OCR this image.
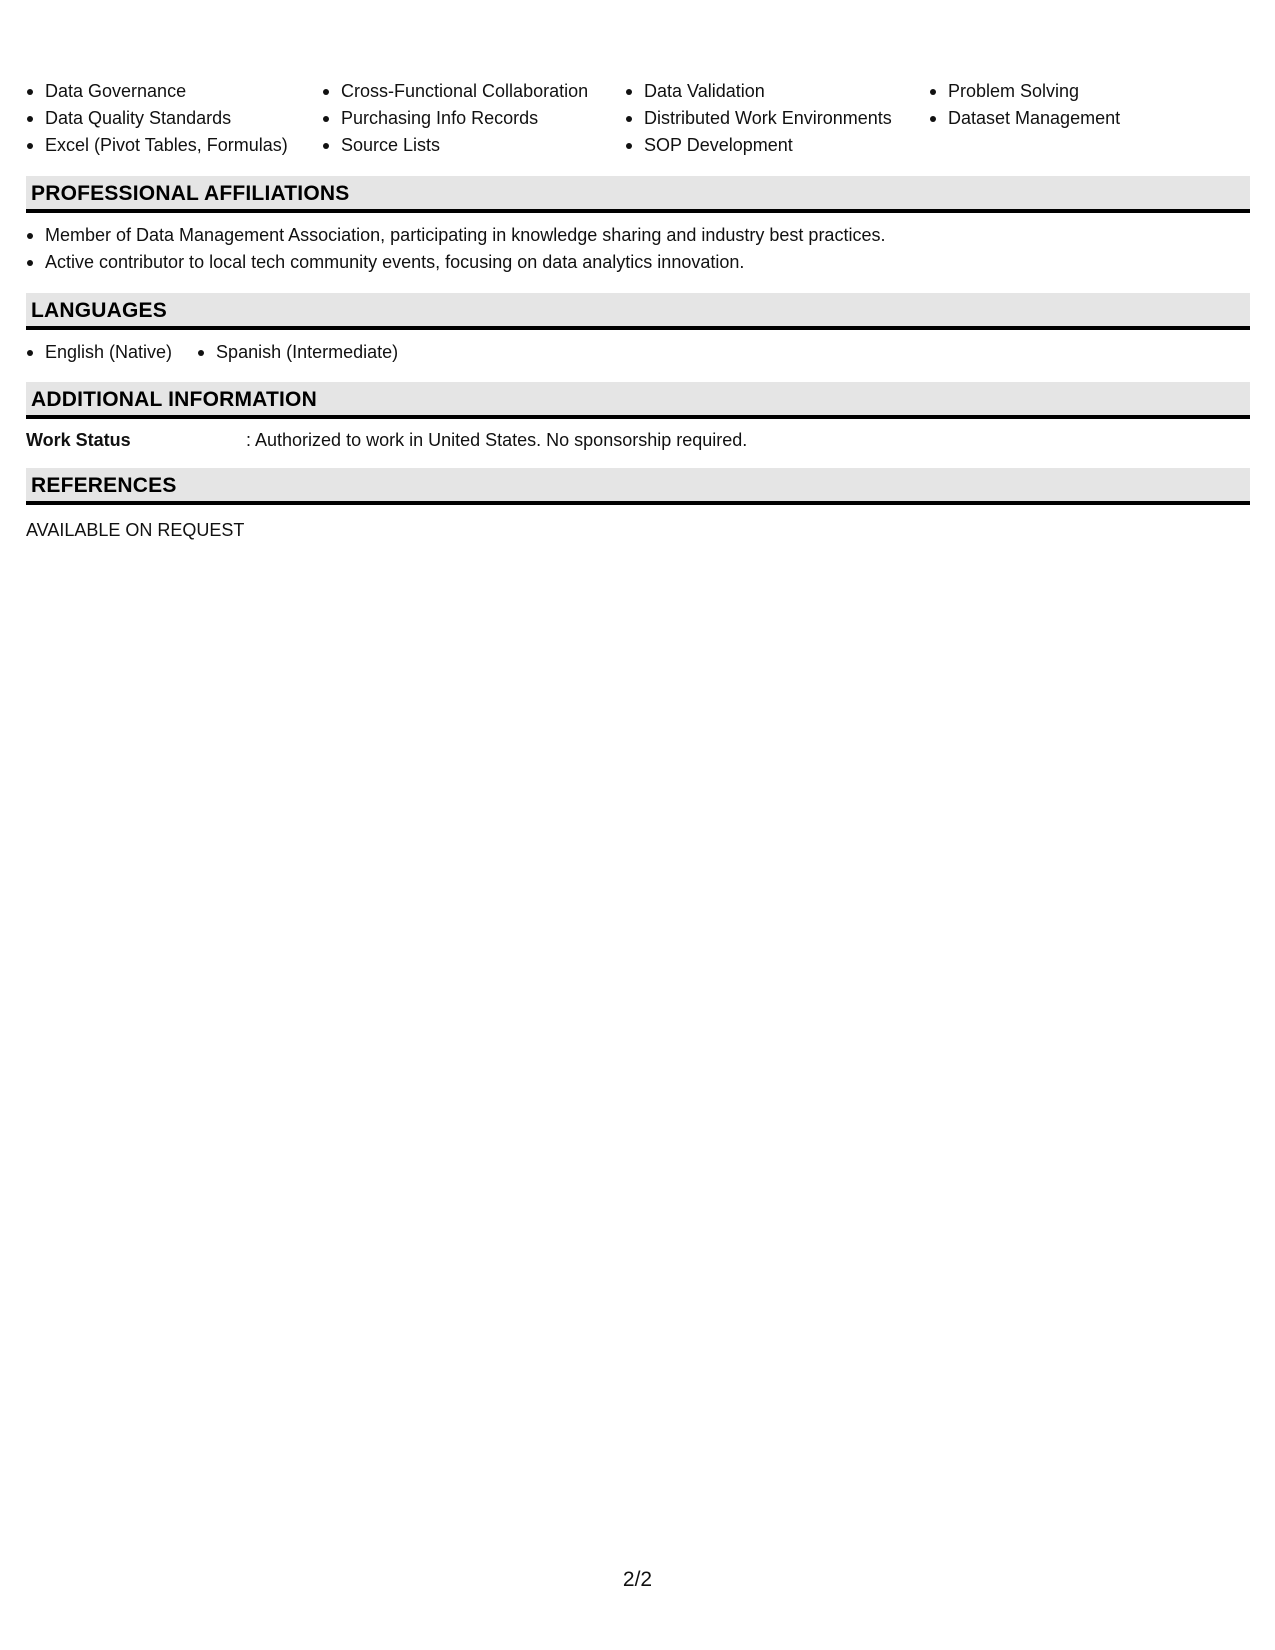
Data Governance
Data Quality Standards
Excel (Pivot Tables, Formulas)
Cross-Functional Collaboration
Purchasing Info Records
Source Lists
Data Validation
Distributed Work Environments
SOP Development
Problem Solving
Dataset Management
PROFESSIONAL AFFILIATIONS
Member of Data Management Association, participating in knowledge sharing and industry best practices.
Active contributor to local tech community events, focusing on data analytics innovation.
LANGUAGES
English (Native)	Spanish (Intermediate)
ADDITIONAL INFORMATION
Work Status	: Authorized to work in United States. No sponsorship required.
REFERENCES
AVAILABLE ON REQUEST
2/2
